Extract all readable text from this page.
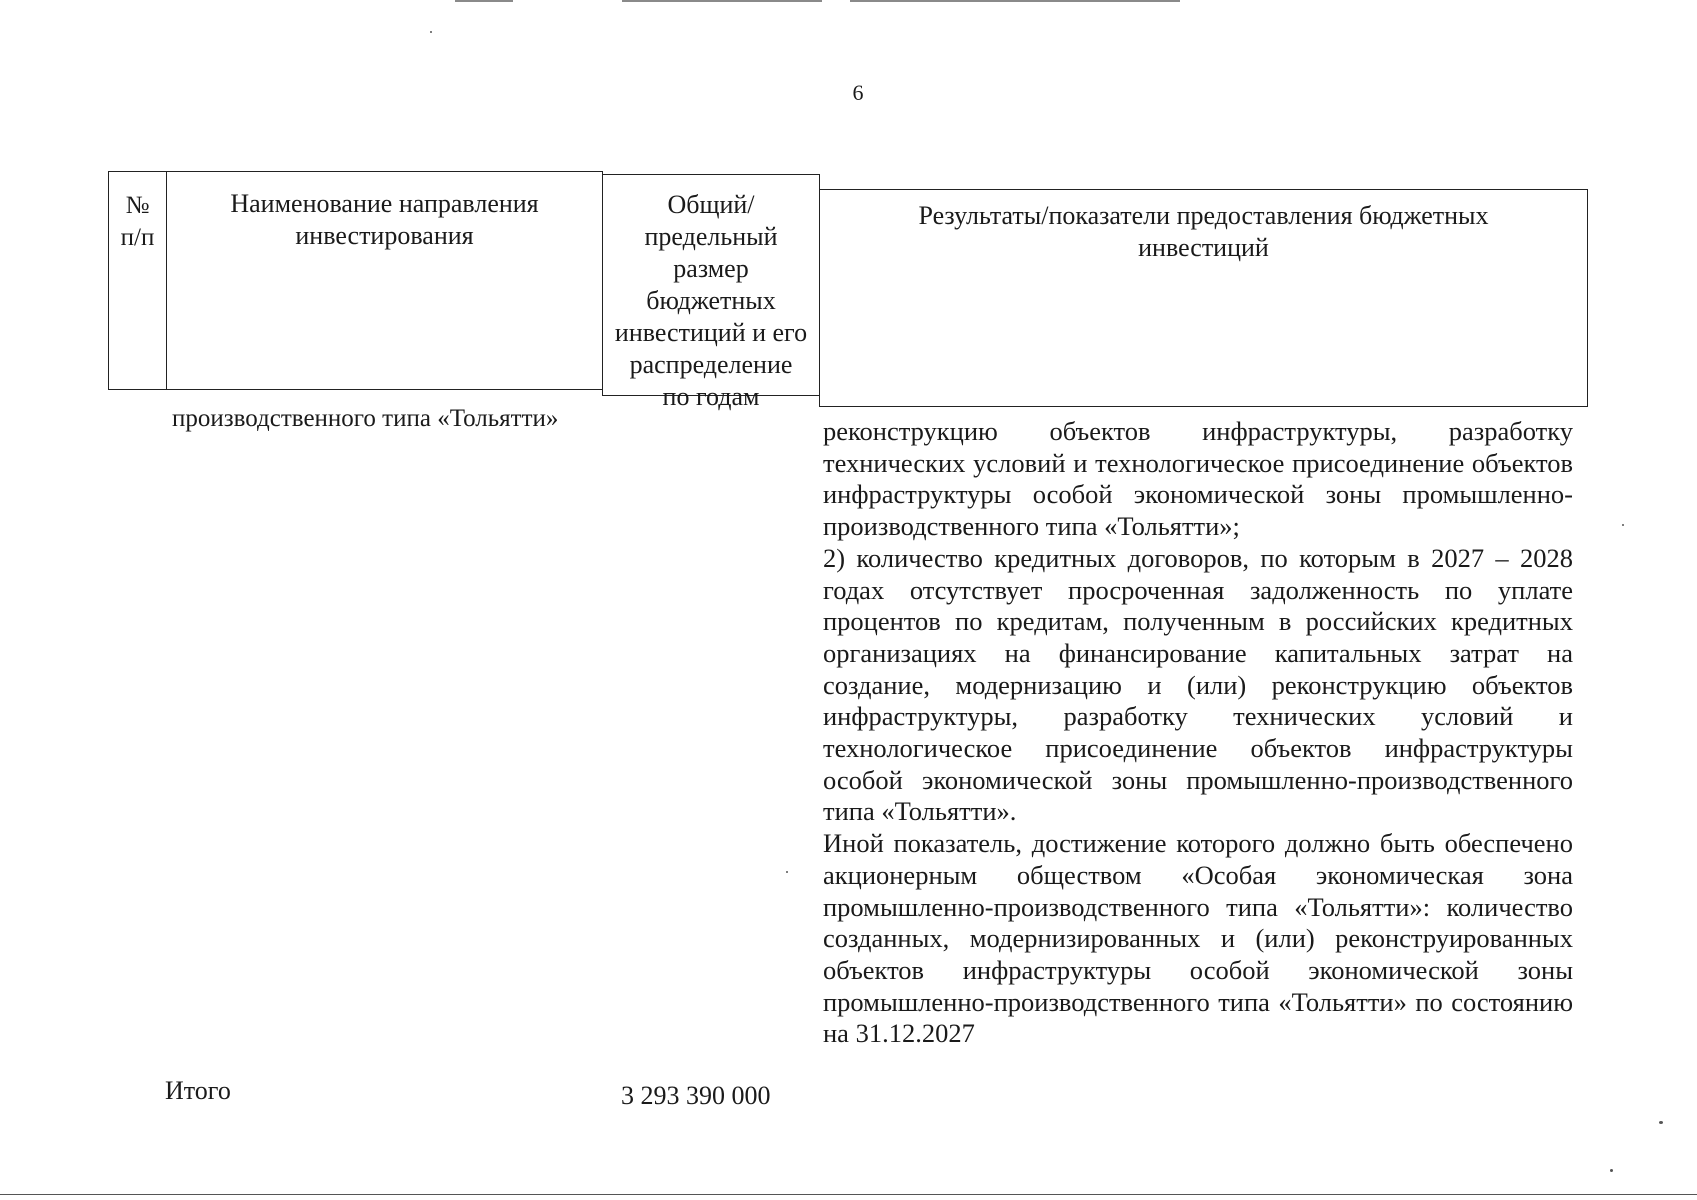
6
№ п/п
Наименование направления инвестирования
Общий/предельный размер бюджетных инвестиций и его распределение по годам
Результаты/показатели предоставления бюджетных инвестиций
производственного типа «Тольятти»	реконструкцию объектов инфраструктуры, разработку технических условий и технологическое присоединение объектов инфраструктуры особой экономической зоны промышленно-производственного типа «Тольятти»;

2) количество кредитных договоров, по которым в 2027 – 2028 годах отсутствует просроченная задолженность по уплате процентов по кредитам, полученным в российских кредитных организациях на финансирование капитальных затрат на создание, модернизацию и (или) реконструкцию объектов инфраструктуры, разработку технических условий и технологическое присоединение объектов инфраструктуры особой экономической зоны промышленно-производственного типа «Тольятти».

Иной показатель, достижение которого должно быть обеспечено акционерным обществом «Особая экономическая зона промышленно-производственного типа «Тольятти»: количество созданных, модернизированных и (или) реконструированных объектов инфраструктуры особой экономической зоны промышленно-производственного типа «Тольятти» по состоянию на 31.12.2027

Итого	3 293 390 000
